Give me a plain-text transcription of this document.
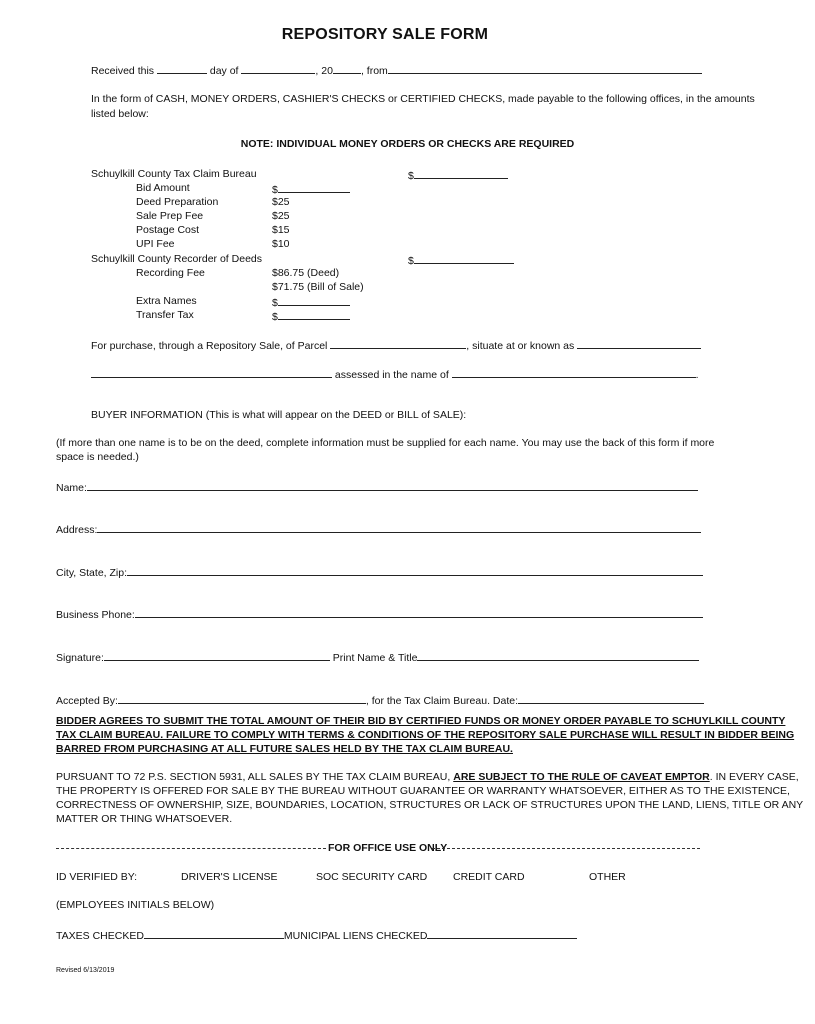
REPOSITORY SALE FORM
Received this	day of	, 20	, from
In the form of CASH, MONEY ORDERS, CASHIER'S CHECKS or CERTIFIED CHECKS, made payable to the following offices, in the amounts
listed below:
NOTE: INDIVIDUAL MONEY ORDERS OR CHECKS ARE REQUIRED
Schuylkill County Tax Claim Bureau	$
Bid Amount	$
Deed Preparation	$25
Sale Prep Fee	$25
Postage Cost	$15
UPI Fee	$10
Schuylkill County Recorder of Deeds	$
Recording Fee	$86.75 (Deed)
$71.75 (Bill of Sale)
Extra Names	$
Transfer Tax	$
For purchase, through a Repository Sale, of Parcel	, situate at or known as
assessed in the name of	.
BUYER INFORMATION (This is what will appear on the DEED or BILL of SALE):
(If more than one name is to be on the deed, complete information must be supplied for each name. You may use the back of this form if more
space is needed.)
Name:
Address:
City, State, Zip:
Business Phone:
Signature:	Print Name & Title
Accepted By:	, for the Tax Claim Bureau. Date:
BIDDER AGREES TO SUBMIT THE TOTAL AMOUNT OF THEIR BID BY CERTIFIED FUNDS OR MONEY ORDER PAYABLE TO SCHUYLKILL COUNTY
TAX CLAIM BUREAU. FAILURE TO COMPLY WITH TERMS & CONDITIONS OF THE REPOSITORY SALE PURCHASE WILL RESULT IN BIDDER BEING
BARRED FROM PURCHASING AT ALL FUTURE SALES HELD BY THE TAX CLAIM BUREAU.
PURSUANT TO 72 P.S. SECTION 5931, ALL SALES BY THE TAX CLAIM BUREAU, ARE SUBJECT TO THE RULE OF CAVEAT EMPTOR. IN EVERY CASE,
THE PROPERTY IS OFFERED FOR SALE BY THE BUREAU WITHOUT GUARANTEE OR WARRANTY WHATSOEVER, EITHER AS TO THE EXISTENCE,
CORRECTNESS OF OWNERSHIP, SIZE, BOUNDARIES, LOCATION, STRUCTURES OR LACK OF STRUCTURES UPON THE LAND, LIENS, TITLE OR ANY
MATTER OR THING WHATSOEVER.
FOR OFFICE USE ONLY
ID VERIFIED BY:	DRIVER'S LICENSE	SOC SECURITY CARD CREDIT CARD	OTHER
(EMPLOYEES INITIALS BELOW)
TAXES CHECKED	MUNICIPAL LIENS CHECKED
Revised 6/13/2019
